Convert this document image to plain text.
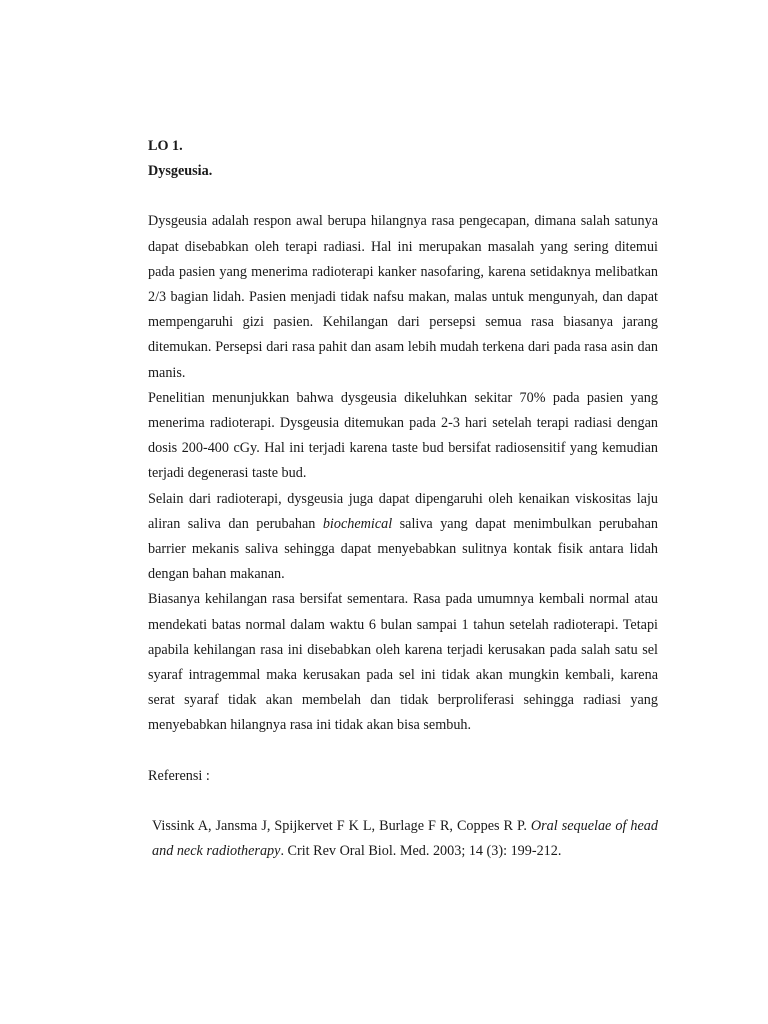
LO 1.

Dysgeusia.

Dysgeusia adalah respon awal berupa hilangnya rasa pengecapan, dimana salah satunya dapat disebabkan oleh terapi radiasi. Hal ini merupakan masalah yang sering ditemui pada pasien yang menerima radioterapi kanker nasofaring, karena setidaknya melibatkan 2/3 bagian lidah. Pasien menjadi tidak nafsu makan, malas untuk mengunyah, dan dapat mempengaruhi gizi pasien. Kehilangan dari persepsi semua rasa biasanya jarang ditemukan. Persepsi dari rasa pahit dan asam lebih mudah terkena dari pada rasa asin dan manis.

Penelitian menunjukkan bahwa dysgeusia dikeluhkan sekitar 70% pada pasien yang menerima radioterapi. Dysgeusia ditemukan pada 2-3 hari setelah terapi radiasi dengan dosis 200-400 cGy. Hal ini terjadi karena taste bud bersifat radiosensitif yang kemudian terjadi degenerasi taste bud.

Selain dari radioterapi, dysgeusia juga dapat dipengaruhi oleh kenaikan viskositas laju aliran saliva dan perubahan biochemical saliva yang dapat menimbulkan perubahan barrier mekanis saliva sehingga dapat menyebabkan sulitnya kontak fisik antara lidah dengan bahan makanan.

Biasanya kehilangan rasa bersifat sementara. Rasa pada umumnya kembali normal atau mendekati batas normal dalam waktu 6 bulan sampai 1 tahun setelah radioterapi. Tetapi apabila kehilangan rasa ini disebabkan oleh karena terjadi kerusakan pada salah satu sel syaraf intragemmal maka kerusakan pada sel ini tidak akan mungkin kembali, karena serat syaraf tidak akan membelah dan tidak berproliferasi sehingga radiasi yang menyebabkan hilangnya rasa ini tidak akan bisa sembuh.

Referensi :

Vissink A, Jansma J, Spijkervet F K L, Burlage F R, Coppes R P. Oral sequelae of head and neck radiotherapy. Crit Rev Oral Biol. Med. 2003; 14 (3): 199-212.
